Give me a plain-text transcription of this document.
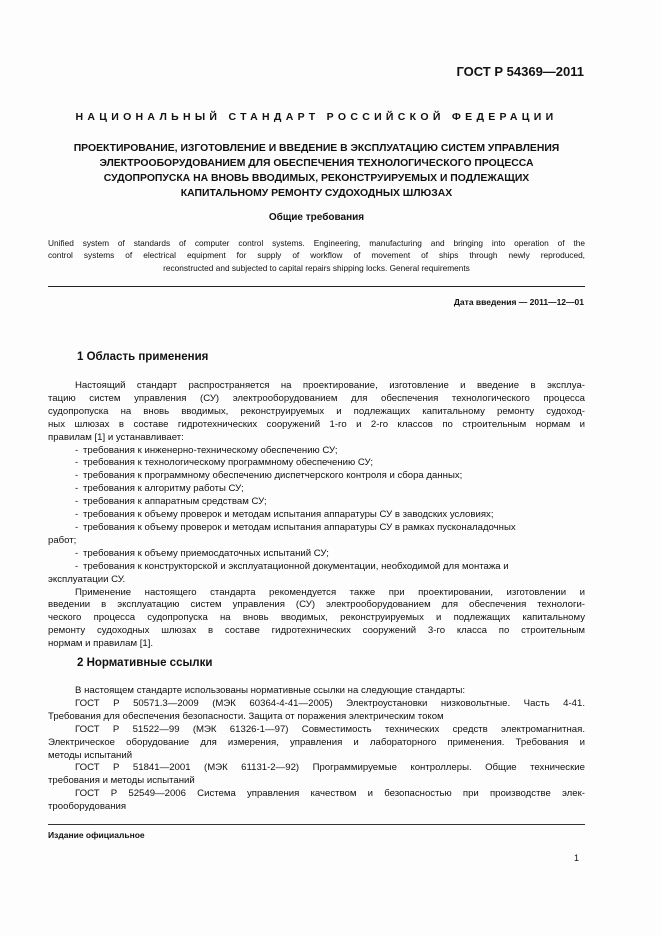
ГОСТ Р 54369—2011
НАЦИОНАЛЬНЫЙ СТАНДАРТ РОССИЙСКОЙ ФЕДЕРАЦИИ
ПРОЕКТИРОВАНИЕ, ИЗГОТОВЛЕНИЕ И ВВЕДЕНИЕ В ЭКСПЛУАТАЦИЮ СИСТЕМ УПРАВЛЕНИЯ
ЭЛЕКТРООБОРУДОВАНИЕМ ДЛЯ ОБЕСПЕЧЕНИЯ ТЕХНОЛОГИЧЕСКОГО ПРОЦЕССА
СУДОПРОПУСКА НА ВНОВЬ ВВОДИМЫХ, РЕКОНСТРУИРУЕМЫХ И ПОДЛЕЖАЩИХ
КАПИТАЛЬНОМУ РЕМОНТУ СУДОХОДНЫХ ШЛЮЗАХ
Общие требования
Unified system of standards of computer control systems. Engineering, manufacturing and bringing into operation of the
control systems of electrical equipment for supply of workflow of movement of ships through newly reproduced,
reconstructed and subjected to capital repairs shipping locks. General requirements
Дата введения — 2011—12—01
1 Область применения
Настоящий стандарт распространяется на проектирование, изготовление и введение в эксплуа-
тацию систем управления (СУ) электрооборудованием для обеспечения технологического процесса
судопропуска на вновь вводимых, реконструируемых и подлежащих капитальному ремонту судоход-
ных шлюзах в составе гидротехнических сооружений 1-го и 2-го классов по строительным нормам и
правилам [1] и устанавливает:
- требования к инженерно-техническому обеспечению СУ;
- требования к технологическому программному обеспечению СУ;
- требования к программному обеспечению диспетчерского контроля и сбора данных;
- требования к алгоритму работы СУ;
- требования к аппаратным средствам СУ;
- требования к объему проверок и методам испытания аппаратуры СУ в заводских условиях;
- требования к объему проверок и методам испытания аппаратуры СУ в рамках пусконаладочных
работ;
- требования к объему приемосдаточных испытаний СУ;
- требования к конструкторской и эксплуатационной документации, необходимой для монтажа и
эксплуатации СУ.
Применение настоящего стандарта рекомендуется также при проектировании, изготовлении и
введении в эксплуатацию систем управления (СУ) электрооборудованием для обеспечения технологи-
ческого процесса судопропуска на вновь вводимых, реконструируемых и подлежащих капитальному
ремонту судоходных шлюзах в составе гидротехнических сооружений 3-го класса по строительным
нормам и правилам [1].
2 Нормативные ссылки
В настоящем стандарте использованы нормативные ссылки на следующие стандарты:
ГОСТ Р 50571.3—2009 (МЭК 60364-4-41—2005) Электроустановки низковольтные. Часть 4-41.
Требования для обеспечения безопасности. Защита от поражения электрическим током
ГОСТ Р 51522—99 (МЭК 61326-1—97) Совместимость технических средств электромагнитная.
Электрическое оборудование для измерения, управления и лабораторного применения. Требования и
методы испытаний
ГОСТ Р 51841—2001 (МЭК 61131-2—92) Программируемые контроллеры. Общие технические
требования и методы испытаний
ГОСТ Р 52549—2006 Система управления качеством и безопасностью при производстве элек-
трооборудования
Издание официальное
1
